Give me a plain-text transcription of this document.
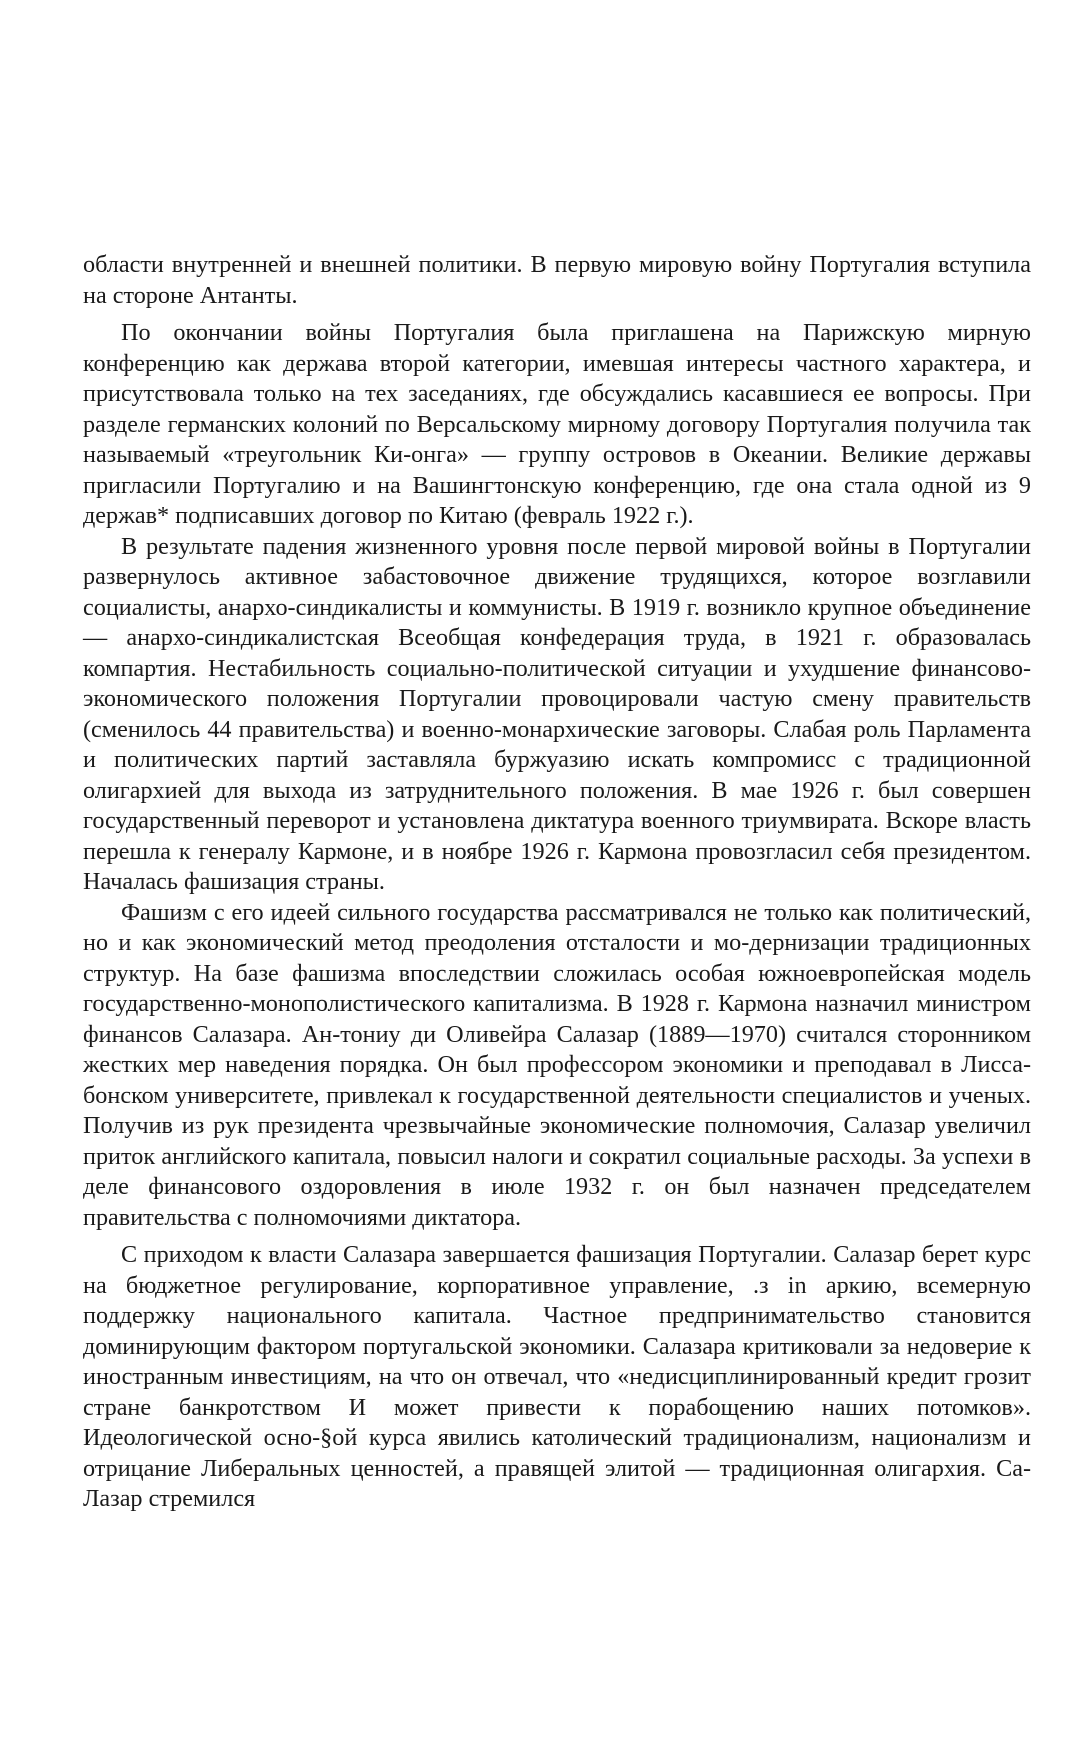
области внутренней и внешней политики. В первую мировую войну Португалия вступила на стороне Антанты.

По окончании войны Португалия была приглашена на Парижскую мирную конференцию как держава второй категории, имевшая интересы частного характера, и присутствовала только на тех заседаниях, где обсуждались касавшиеся ее вопросы. При разделе германских колоний по Версальскому мирному договору Португалия получила так называемый «треугольник Ки-онга» — группу островов в Океании. Великие державы пригласили Португалию и на Вашингтонскую конференцию, где она стала одной из 9 держав* подписавших договор по Китаю (февраль 1922 г.).

В результате падения жизненного уровня после первой мировой войны в Португалии развернулось активное забастовочное движение трудящихся, которое возглавили социалисты, анархо-синдикалисты и коммунисты. В 1919 г. возникло крупное объединение — анархо-синдикалистская Всеобщая конфедерация труда, в 1921 г. образовалась компартия. Нестабильность социально-политической ситуации и ухудшение финансово-экономического положения Португалии провоцировали частую смену правительств (сменилось 44 правительства) и военно-монархические заговоры. Слабая роль Парламента и политических партий заставляла буржуазию искать компромисс с традиционной олигархией для выхода из затруднительного положения. В мае 1926 г. был совершен государственный переворот и установлена диктатура военного триумвирата. Вскоре власть перешла к генералу Кармоне, и в ноябре 1926 г. Кармона провозгласил себя президентом. Началась фашизация страны.

Фашизм с его идеей сильного государства рассматривался не только как политический, но и как экономический метод преодоления отсталости и мо-дернизации традиционных структур. На базе фашизма впоследствии сложилась особая южноевропейская модель государственно-монополистического капитализма. В 1928 г. Кармона назначил министром финансов Салазара. Ан-тониу ди Оливейра Салазар (1889—1970) считался сторонником жестких мер наведения порядка. Он был профессором экономики и преподавал в Лисса-бонском университете, привлекал к государственной деятельности специалистов и ученых. Получив из рук президента чрезвычайные экономические полномочия, Салазар увеличил приток английского капитала, повысил налоги и сократил социальные расходы. За успехи в деле финансового оздоровления в июле 1932 г. он был назначен председателем правительства с полномочиями диктатора.

С приходом к власти Салазара завершается фашизация Португалии. Салазар берет курс на бюджетное регулирование, корпоративное управление, .з in аркию, всемерную поддержку национального капитала. Частное предпринимательство становится доминирующим фактором португальской экономики. Салазара критиковали за недоверие к иностранным инвестициям, на что он отвечал, что «недисциплинированный кредит грозит стране банкротством И может привести к порабощению наших потомков». Идеологической осно-§ой курса явились католический традиционализм, национализм и отрицание Либеральных ценностей, а правящей элитой — традиционная олигархия. Са-Лазар стремился
